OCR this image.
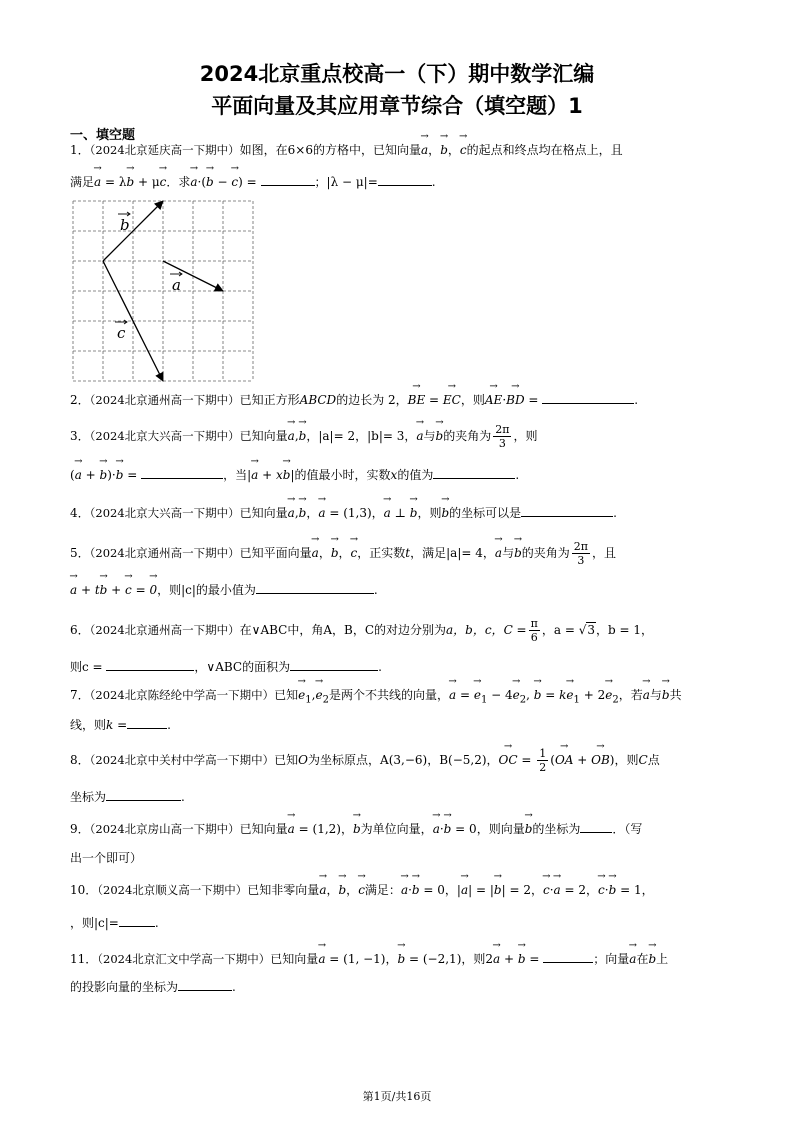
2024北京重点校高一（下）期中数学汇编
平面向量及其应用章节综合（填空题）1
一、填空题
1．（2024北京延庆高一下期中）如图，在6×6的方格中，已知向量→ a，→ b，→ c的起点和终点均在格点上，且
满足→ a = λ→ b + μ→ c．求→ a·(→ b − → c) =	；|λ − μ|=	.
b
a
c
2．（2024北京通州高一下期中）已知正方形ABCD的边长为 2，→ BE = → EC，则→ AE·→ BD =	.
3．（2024北京大兴高一下期中）已知向量→ a,→ b，|a|= 2，|b|= 3，→ a与→ b的夹角为 $\frac{2\pi}{3}$ ，则
(→ a + → b)·→ b =	，当|→ a + x→ b|的值最小时，实数x的值为	.
4．（2024北京大兴高一下期中）已知向量→ a,→ b，→ a = (1,3)，→ a ⊥ → b，则→ b的坐标可以是	.
5．（2024北京通州高一下期中）已知平面向量→ a，→ b，→ c，正实数t，满足|a|= 4，→ a与→ b的夹角为 $\frac{2\pi}{3}$ ，且
→ a + t→ b + → c = → 0，则|c|的最小值为	.
6．（2024北京通州高一下期中）在∨ABC中，角A，B，C的对边分别为a，b，c，$C = \frac{\pi}{6}$ ，a = √3，b = 1，
则c =	，∨ABC的面积为	.
7．（2024北京陈经纶中学高一下期中）已知→ $e_1,\to e_2$是两个不共线的向量，→ a = → $e_1 - 4\to e_2$, → $b = k\to e_1 + 2\to e_2$，若→ a与→ b共
线，则k =	.
8．（2024北京中关村中学高一下期中）已知O为坐标原点，A(3,−6)，B(−5,2)，→ OC = $\frac{1}{2}$ (→ OA + → OB)，则C点
坐标为	.
9．（2024北京房山高一下期中）已知向量→ a = (1,2)，→ b为单位向量，→ a·→ b = 0，则向量→ b的坐标为	．（写
出一个即可）
10．（2024北京顺义高一下期中）已知非零向量→ a，→ b，→ c满足：→ a·→ b = 0，|→ a| = |→ b| = 2，→ c·→ a = 2，→ c·→ b = 1，
，则|c|=	.
11．（2024北京汇文中学高一下期中）已知向量→ a = (1, −1)，→ b = (−2,1)，则2→ a + → b =	；向量→ a在→ b上
的投影向量的坐标为	.
第1页/共16页
